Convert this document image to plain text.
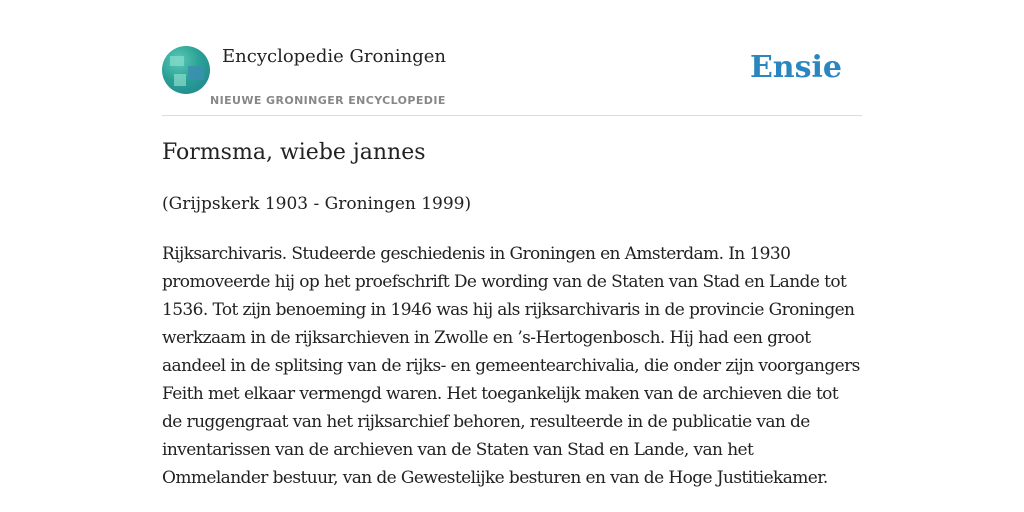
Encyclopedie Groningen
NIEUWE GRONINGER ENCYCLOPEDIE
Ensie
Formsma, wiebe jannes
(Grijpskerk 1903 - Groningen 1999)

Rijksarchivaris. Studeerde geschiedenis in Groningen en Amsterdam. In 1930 promoveerde hij op het proefschrift De wording van de Staten van Stad en Lande tot 1536. Tot zijn benoeming in 1946 was hij als rijksarchivaris in de provincie Groningen werkzaam in de rijksarchieven in Zwolle en ’s-Hertogenbosch. Hij had een groot aandeel in de splitsing van de rijks- en gemeentearchivalia, die onder zijn voorgangers Feith met elkaar vermengd waren. Het toegankelijk maken van de archieven die tot de ruggengraat van het rijksarchief behoren, resulteerde in de publicatie van de inventarissen van de archieven van de Staten van Stad en Lande, van het Ommelander bestuur, van de Gewestelijke besturen en van de Hoge Justitiekamer.
